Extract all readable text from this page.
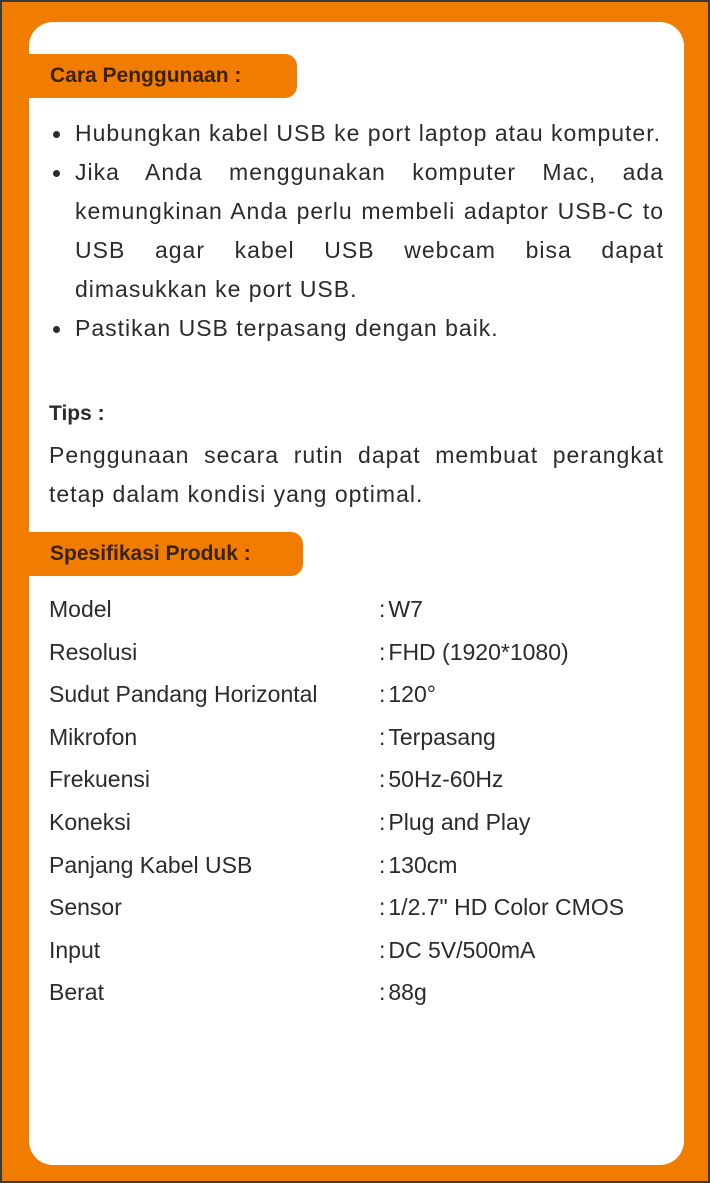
Cara Penggunaan :
Hubungkan kabel USB ke port laptop atau komputer.
Jika Anda menggunakan komputer Mac, ada kemungkinan Anda perlu membeli adaptor USB-C to USB agar kabel USB webcam bisa dapat dimasukkan ke port USB.
Pastikan USB terpasang dengan baik.
Tips :
Penggunaan secara rutin dapat membuat perangkat tetap dalam kondisi yang optimal.
Spesifikasi Produk :
Model	: W7
Resolusi	: FHD (1920*1080)
Sudut Pandang Horizontal	: 120°
Mikrofon	: Terpasang
Frekuensi	: 50Hz-60Hz
Koneksi	: Plug and Play
Panjang Kabel USB	: 130cm
Sensor	: 1/2.7" HD Color CMOS
Input	: DC 5V/500mA
Berat	: 88g
